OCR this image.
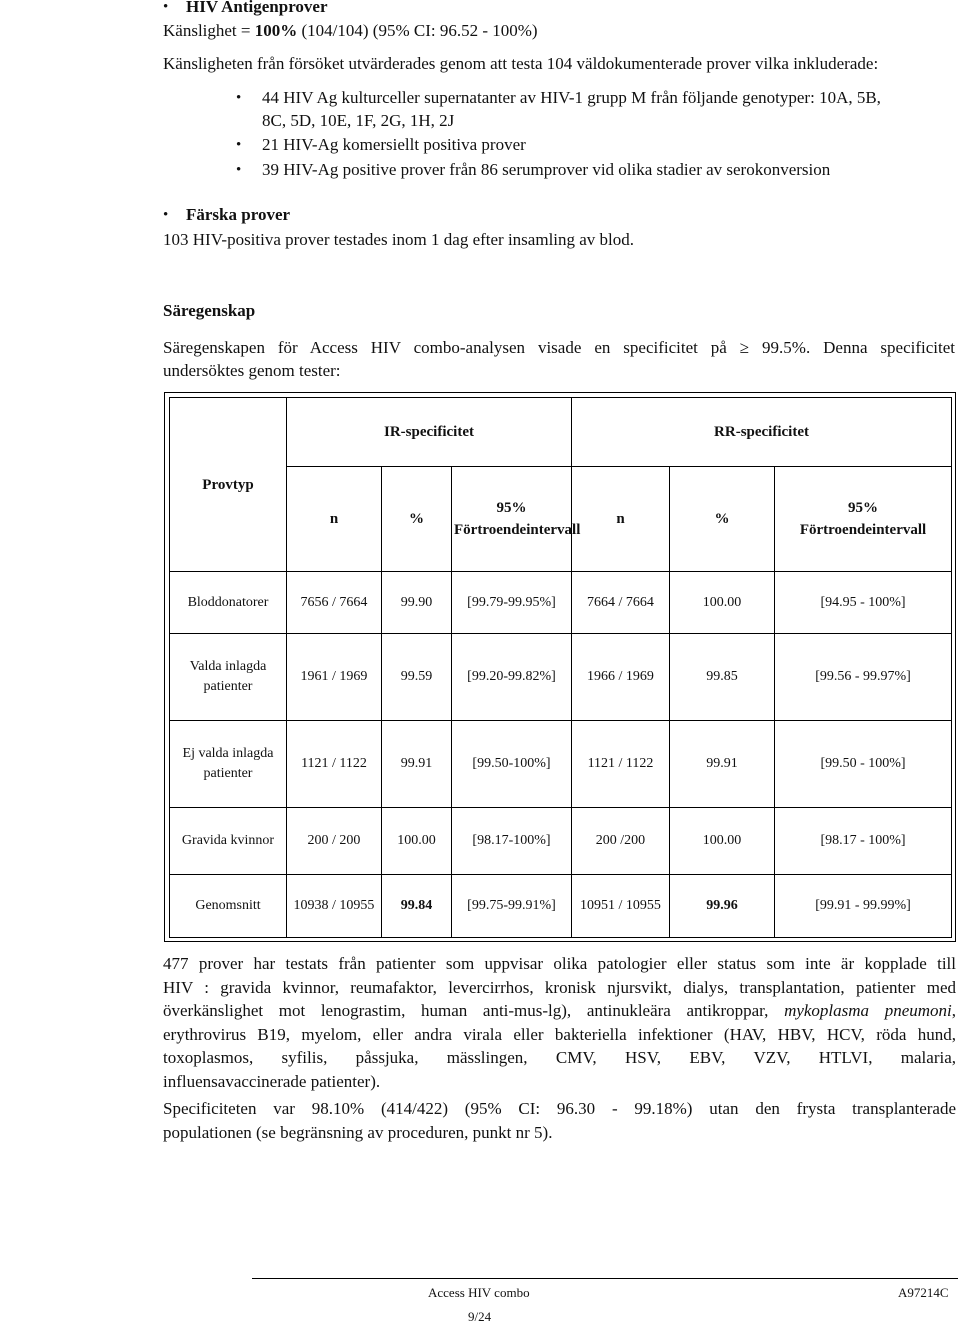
• HIV Antigenprover
Känslighet = 100% (104/104) (95% CI: 96.52 - 100%)
Känsligheten från försöket utvärderades genom att testa 104 väldokumenterade prover vilka inkluderade:
• 44 HIV Ag kulturceller supernatanter av HIV-1 grupp M från följande genotyper: 10A, 5B,
8C, 5D, 10E, 1F, 2G, 1H, 2J
• 21 HIV-Ag komersiellt positiva prover
• 39 HIV-Ag positive prover från 86 serumprover vid olika stadier av serokonversion
• Färska prover
103 HIV-positiva prover testades inom 1 dag efter insamling av blod.
Säregenskap
Säregenskapen för Access HIV combo-analysen visade en specificitet på ≥ 99.5%. Denna specificitet
undersöktes genom tester:
Provtyp	IR-specificitet			RR-specificitet		
	n	%	95% Förtroendeintervall	n	%	95% Förtroendeintervall
Bloddonatorer	7656 / 7664	99.90	[99.79-99.95%]	7664 / 7664	100.00	[94.95 - 100%]
Valda inlagda patienter	1961 / 1969	99.59	[99.20-99.82%]	1966 / 1969	99.85	[99.56 - 99.97%]
Ej valda inlagda patienter	1121 / 1122	99.91	[99.50-100%]	1121 / 1122	99.91	[99.50 - 100%]
Gravida kvinnor	200 / 200	100.00	[98.17-100%]	200 /200	100.00	[98.17 - 100%]
Genomsnitt	10938 / 10955	99.84	[99.75-99.91%]	10951 / 10955	99.96	[99.91 - 99.99%]
477 prover har testats från patienter som uppvisar olika patologier eller status som inte är kopplade till
HIV : gravida kvinnor, reumafaktor, levercirrhos, kronisk njursvikt, dialys, transplantation, patienter med
överkänslighet mot lenograstim, human anti-mus-lg), antinukleära antikroppar, mykoplasma pneumoni,
erythrovirus B19, myelom, eller andra virala eller bakteriella infektioner (HAV, HBV, HCV, röda hund,
toxoplasmos, syfilis, påssjuka, mässlingen, CMV, HSV, EBV, VZV, HTLVI, malaria,
influensavaccinerade patienter).
Specificiteten var 98.10% (414/422) (95% CI: 96.30 - 99.18%) utan den frysta transplanterade
populationen (se begränsning av proceduren, punkt nr 5).
Access HIV combo	A97214C
9/24
